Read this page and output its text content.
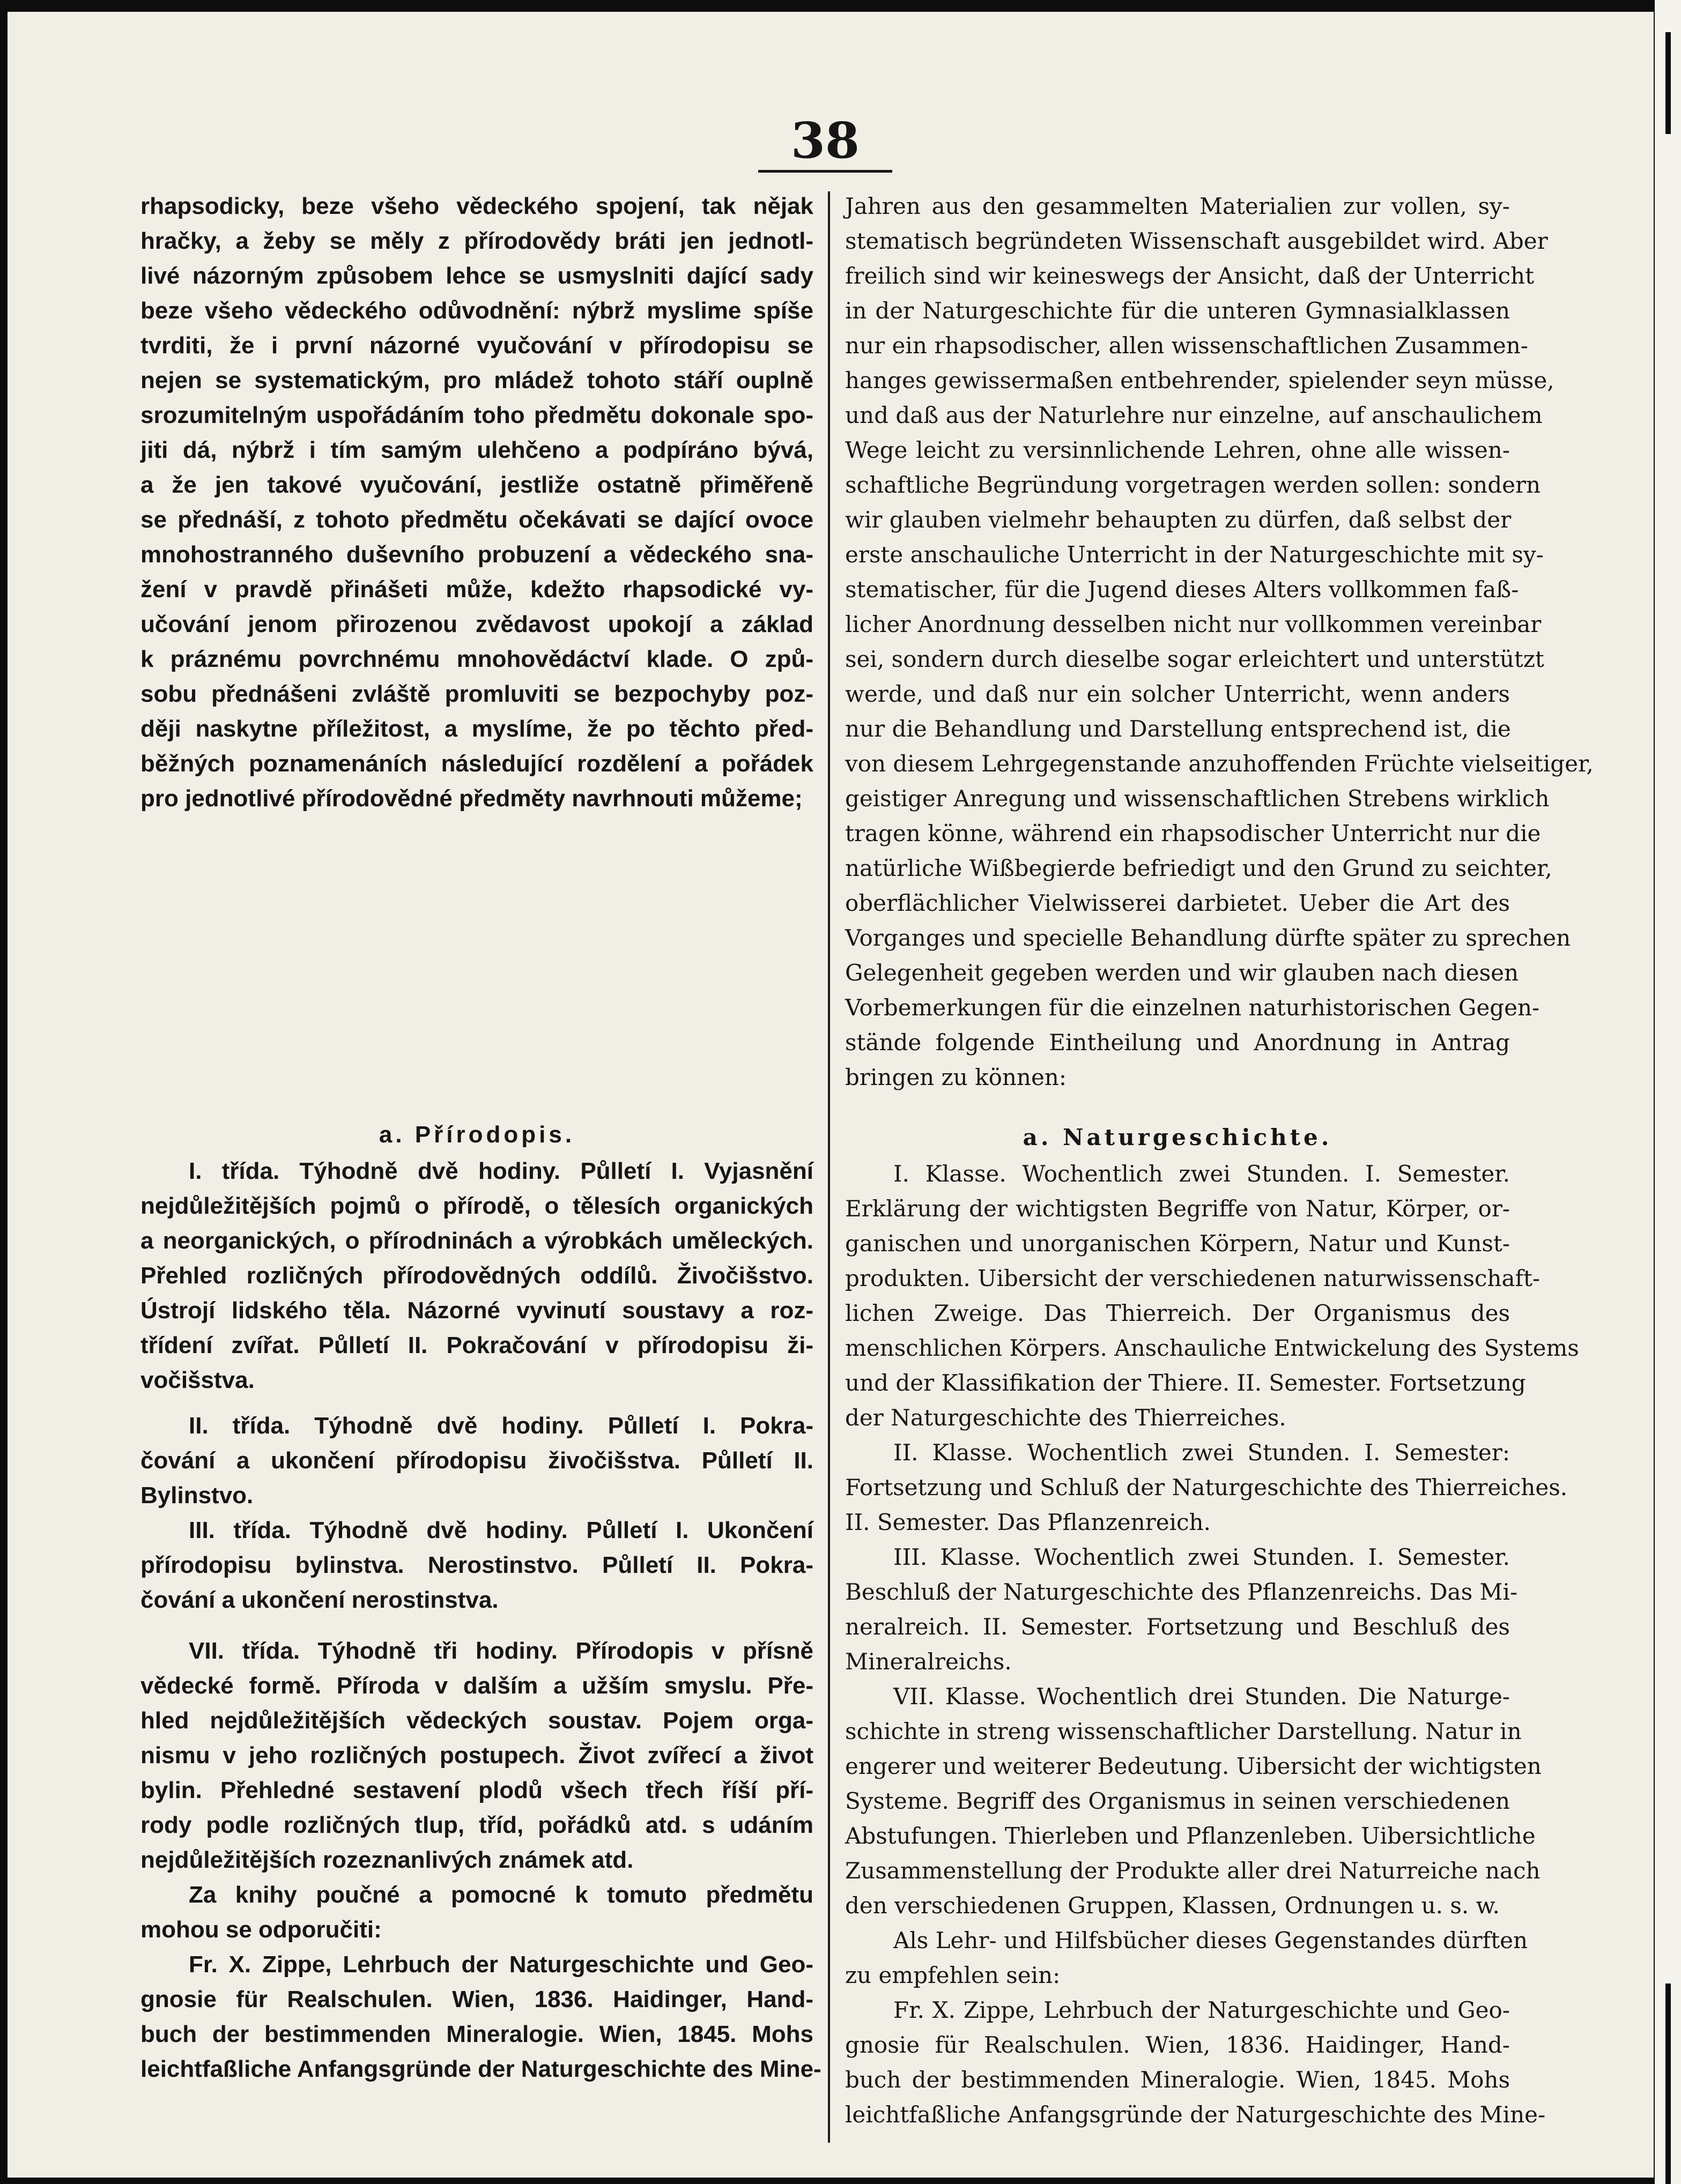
38
rhapsodicky, beze všeho vědeckého spojení, tak nějak
hračky, a žeby se měly z přírodovědy bráti jen jednotl-
livé názorným způsobem lehce se usmyslniti dající sady
beze všeho vědeckého odůvodnění: nýbrž myslime spíše
tvrditi, že i první názorné vyučování v přírodopisu se
nejen se systematickým, pro mládež tohoto stáří ouplně
srozumitelným uspořádáním toho předmětu dokonale spo-
jiti dá, nýbrž i tím samým ulehčeno a podpíráno bývá,
a že jen takové vyučování, jestliže ostatně přiměřeně
se přednáší, z tohoto předmětu očekávati se dající ovoce
mnohostranného duševního probuzení a vědeckého sna-
žení v pravdě přinášeti může, kdežto rhapsodické vy-
učování jenom přirozenou zvědavost upokojí a základ
k práznému povrchnému mnohovědáctví klade. O způ-
sobu přednášeni zvláště promluviti se bezpochyby poz-
ději naskytne příležitost, a myslíme, že po těchto před-
běžných poznamenáních následující rozdělení a pořádek
pro jednotlivé přírodovědné předměty navrhnouti můžeme;
a. Přírodopis.
I. třída. Týhodně dvě hodiny. Půlletí I. Vyjasnění
nejdůležitějších pojmů o přírodě, o tělesích organických
a neorganických, o přírodninách a výrobkách umělеckých.
Přehled rozličných přírodovědných oddílů. Živočišstvo.
Ústrojí lidského těla. Názorné vyvinutí soustavy a roz-
třídení zvířat. Půlletí II. Pokračování v přírodopisu ži-
vočišstva.
II. třída. Týhodně dvě hodiny. Půlletí I. Pokra-
čování a ukončení přírodopisu živočišstva. Půlletí II.
Bylinstvo.
III. třída. Týhodně dvě hodiny. Půlletí I. Ukončení
přírodopisu bylinstva. Nerostinstvo. Půlletí II. Pokra-
čování a ukončení nerostinstva.
VII. třída. Týhodně tři hodiny. Přírodopis v přísně
vědecké formě. Příroda v dalším a užším smyslu. Pře-
hled nejdůležitějších vědeckých soustav. Pojem orga-
nismu v jeho rozličných postupech. Život zvířecí a život
bylin. Přehledné sestavení plodů všech třech říší pří-
rody podle rozličných tlup, tříd, pořádků atd. s udáním
nejdůležitějších rozeznanlivých známek atd.
Za knihy poučné a pomocné k tomuto předmětu
mohou se odporučiti:
Fr. X. Zippe, Lehrbuch der Naturgeschichte und Geo-
gnosie für Realschulen. Wien, 1836. Haidinger, Hand-
buch der bestimmenden Mineralogie. Wien, 1845. Mohs
leichtfaßliche Anfangsgründe der Naturgeschichte des Mine-
Jahren aus den gesammelten Materialien zur vollen, sy-
stematisch begründeten Wissenschaft ausgebildet wird. Aber
freilich sind wir keineswegs der Ansicht, daß der Unterricht
in der Naturgeschichte für die unteren Gymnasialklassen
nur ein rhapsodischer, allen wissenschaftlichen Zusammen-
hanges gewissermaßen entbehrender, spielender seyn müsse,
und daß aus der Naturlehre nur einzelne, auf anschaulichem
Wege leicht zu versinnlichende Lehren, ohne alle wissen-
schaftliche Begründung vorgetragen werden sollen: sondern
wir glauben vielmehr behaupten zu dürfen, daß selbst der
erste anschauliche Unterricht in der Naturgeschichte mit sy-
stematischer, für die Jugend dieses Alters vollkommen faß-
licher Anordnung desselben nicht nur vollkommen vereinbar
sei, sondern durch dieselbe sogar erleichtert und unterstützt
werde, und daß nur ein solcher Unterricht, wenn anders
nur die Behandlung und Darstellung entsprechend ist, die
von diesem Lehrgegenstande anzuhoffenden Früchte vielseitiger,
geistiger Anregung und wissenschaftlichen Strebens wirklich
tragen könne, während ein rhapsodischer Unterricht nur die
natürliche Wißbegierde befriedigt und den Grund zu seichter,
oberflächlicher Vielwisserei darbietet. Ueber die Art des
Vorganges und specielle Behandlung dürfte später zu sprechen
Gelegenheit gegeben werden und wir glauben nach diesen
Vorbemerkungen für die einzelnen naturhistorischen Gegen-
stände folgende Eintheilung und Anordnung in Antrag
bringen zu können:
a. Naturgeschichte.
I. Klasse. Wochentlich zwei Stunden. I. Semester.
Erklärung der wichtigsten Begriffe von Natur, Körper, or-
ganischen und unorganischen Körpern, Natur und Kunst-
produkten. Uibersicht der verschiedenen naturwissenschaft-
lichen Zweige. Das Thierreich. Der Organismus des
menschlichen Körpers. Anschauliche Entwickelung des Systems
und der Klassifikation der Thiere. II. Semester. Fortsetzung
der Naturgeschichte des Thierreiches.
II. Klasse. Wochentlich zwei Stunden. I. Semester:
Fortsetzung und Schluß der Naturgeschichte des Thierreiches.
II. Semester. Das Pflanzenreich.
III. Klasse. Wochentlich zwei Stunden. I. Semester.
Beschluß der Naturgeschichte des Pflanzenreichs. Das Mi-
neralreich. II. Semester. Fortsetzung und Beschluß des
Mineralreichs.
VII. Klasse. Wochentlich drei Stunden. Die Naturge-
schichte in streng wissenschaftlicher Darstellung. Natur in
engerer und weiterer Bedeutung. Uibersicht der wichtigsten
Systeme. Begriff des Organismus in seinen verschiedenen
Abstufungen. Thierleben und Pflanzenleben. Uibersichtliche
Zusammenstellung der Produkte aller drei Naturreiche nach
den verschiedenen Gruppen, Klassen, Ordnungen u. s. w.
Als Lehr- und Hilfsbücher dieses Gegenstandes dürften
zu empfehlen sein:
Fr. X. Zippe, Lehrbuch der Naturgeschichte und Geo-
gnosie für Realschulen. Wien, 1836. Haidinger, Hand-
buch der bestimmenden Mineralogie. Wien, 1845. Mohs
leichtfaßliche Anfangsgründe der Naturgeschichte des Mine-
